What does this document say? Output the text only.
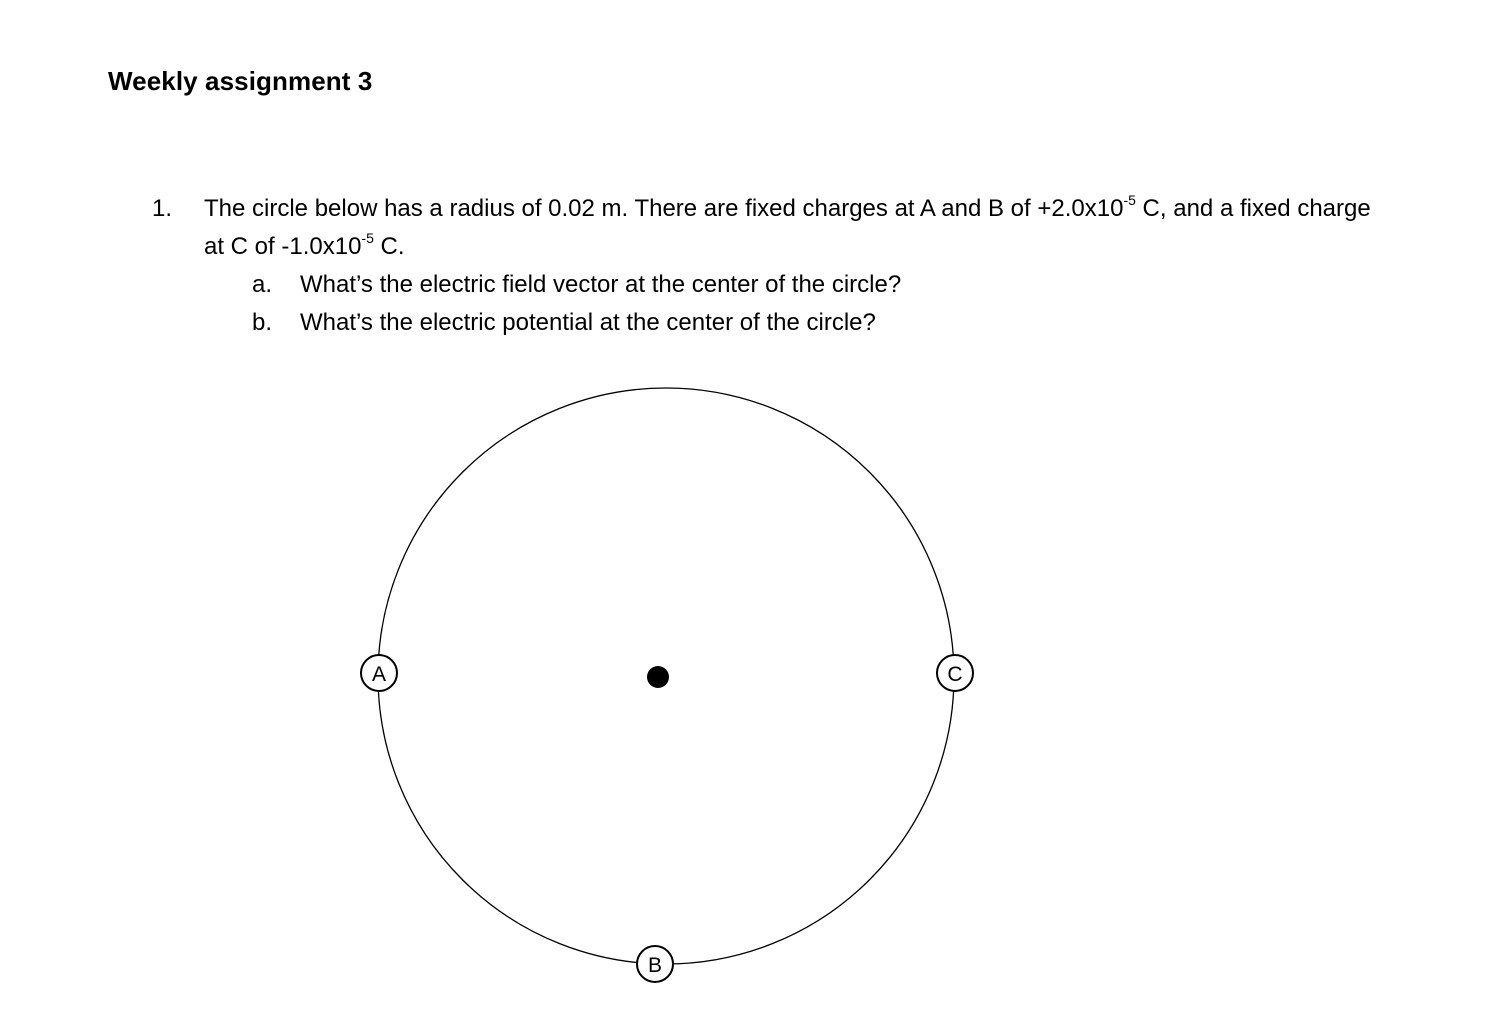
Weekly assignment 3
1.	The circle below has a radius of 0.02 m. There are fixed charges at A and B of $+2.0x10^{-5}$ C, and a fixed charge at C of $-1.0x10^{-5}$ C.
a.	What’s the electric field vector at the center of the circle?
b.	What’s the electric potential at the center of the circle?
A	C
B
